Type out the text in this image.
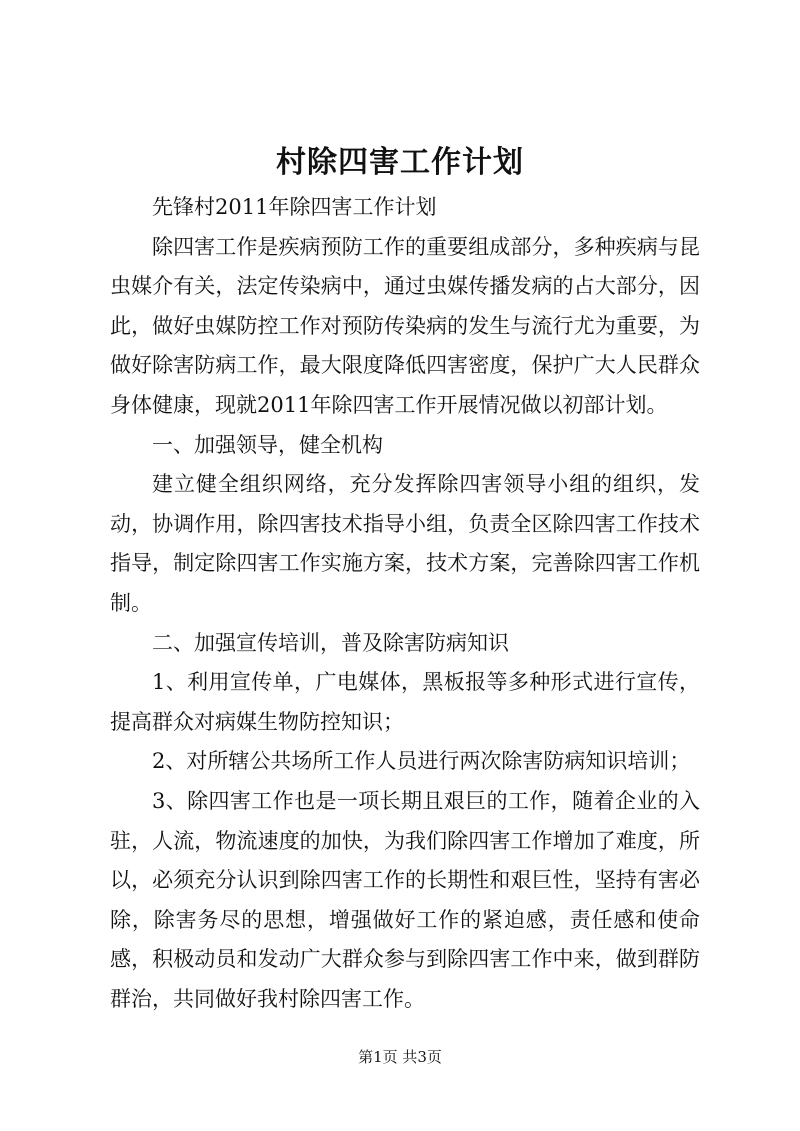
村除四害工作计划

先锋村2011年除四害工作计划

除四害工作是疾病预防工作的重要组成部分，多种疾病与昆虫媒介有关，法定传染病中，通过虫媒传播发病的占大部分，因此，做好虫媒防控工作对预防传染病的发生与流行尤为重要，为做好除害防病工作，最大限度降低四害密度，保护广大人民群众身体健康，现就2011年除四害工作开展情况做以初部计划。

一、加强领导，健全机构

建立健全组织网络，充分发挥除四害领导小组的组织，发动，协调作用，除四害技术指导小组，负责全区除四害工作技术指导，制定除四害工作实施方案，技术方案，完善除四害工作机制。

二、加强宣传培训，普及除害防病知识

1、利用宣传单，广电媒体，黑板报等多种形式进行宣传，提高群众对病媒生物防控知识；

2、对所辖公共场所工作人员进行两次除害防病知识培训；

3、除四害工作也是一项长期且艰巨的工作，随着企业的入驻，人流，物流速度的加快，为我们除四害工作增加了难度，所以，必须充分认识到除四害工作的长期性和艰巨性，坚持有害必除，除害务尽的思想，增强做好工作的紧迫感，责任感和使命感，积极动员和发动广大群众参与到除四害工作中来，做到群防群治，共同做好我村除四害工作。

第1页 共3页
